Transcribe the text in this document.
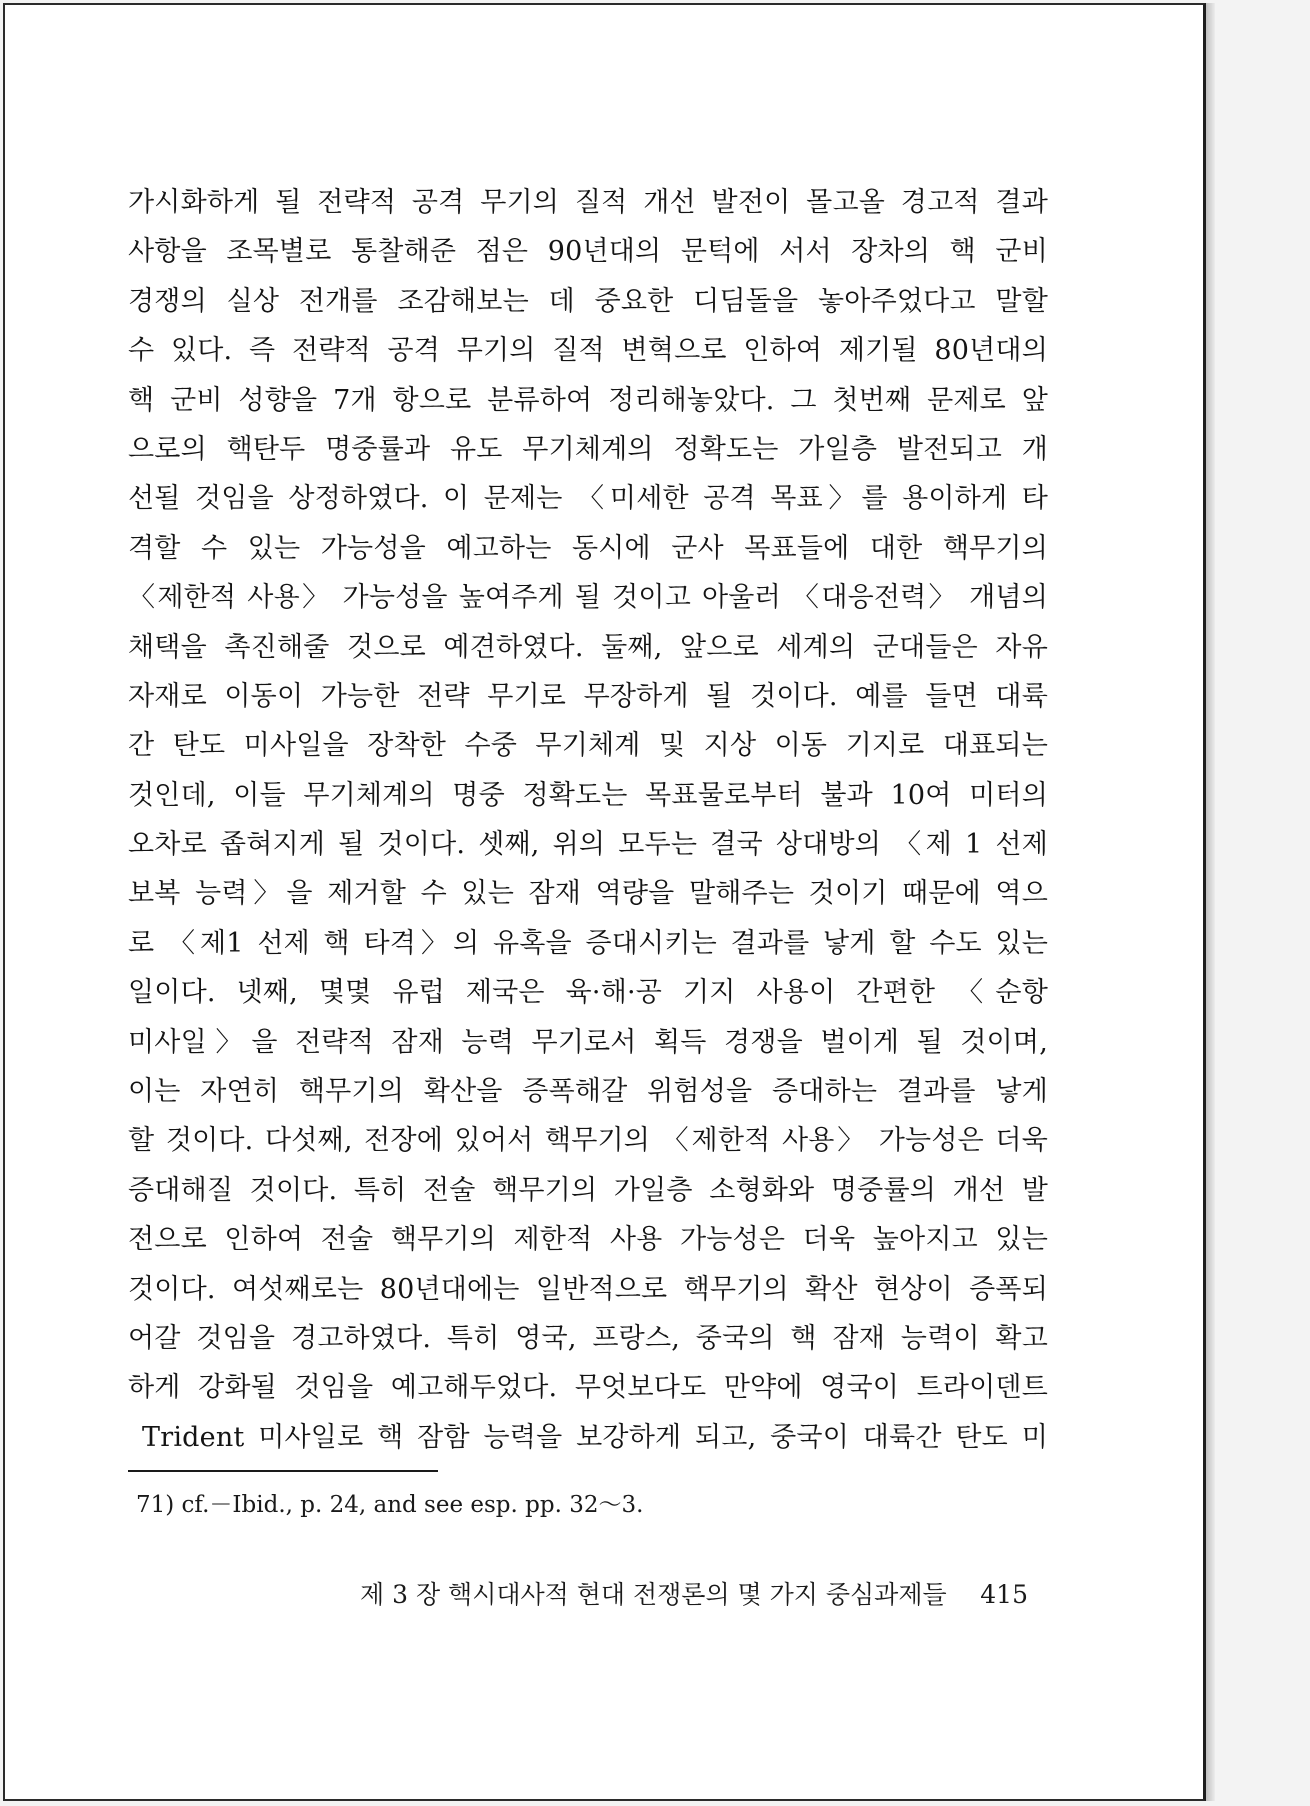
가시화하게 될 전략적 공격 무기의 질적 개선 발전이 몰고올 경고적 결과
사항을 조목별로 통찰해준 점은 90년대의 문턱에 서서 장차의 핵 군비
경쟁의 실상 전개를 조감해보는 데 중요한 디딤돌을 놓아주었다고 말할
수 있다. 즉 전략적 공격 무기의 질적 변혁으로 인하여 제기될 80년대의
핵 군비 성향을 7개 항으로 분류하여 정리해놓았다. 그 첫번째 문제로 앞
으로의 핵탄두 명중률과 유도 무기체계의 정확도는 가일층 발전되고 개
선될 것임을 상정하였다. 이 문제는 〈미세한 공격 목표〉를 용이하게 타
격할 수 있는 가능성을 예고하는 동시에 군사 목표들에 대한 핵무기의
〈제한적 사용〉 가능성을 높여주게 될 것이고 아울러 〈대응전력〉 개념의
채택을 촉진해줄 것으로 예견하였다. 둘째, 앞으로 세계의 군대들은 자유
자재로 이동이 가능한 전략 무기로 무장하게 될 것이다. 예를 들면 대륙
간 탄도 미사일을 장착한 수중 무기체계 및 지상 이동 기지로 대표되는
것인데, 이들 무기체계의 명중 정확도는 목표물로부터 불과 10여 미터의
오차로 좁혀지게 될 것이다. 셋째, 위의 모두는 결국 상대방의 〈제 1 선제
보복 능력〉을 제거할 수 있는 잠재 역량을 말해주는 것이기 때문에 역으
로 〈제1 선제 핵 타격〉의 유혹을 증대시키는 결과를 낳게 할 수도 있는
일이다. 넷째, 몇몇 유럽 제국은 육·해·공 기지 사용이 간편한 〈순항
미사일〉을 전략적 잠재 능력 무기로서 획득 경쟁을 벌이게 될 것이며,
이는 자연히 핵무기의 확산을 증폭해갈 위험성을 증대하는 결과를 낳게
할 것이다. 다섯째, 전장에 있어서 핵무기의 〈제한적 사용〉 가능성은 더욱
증대해질 것이다. 특히 전술 핵무기의 가일층 소형화와 명중률의 개선 발
전으로 인하여 전술 핵무기의 제한적 사용 가능성은 더욱 높아지고 있는
것이다. 여섯째로는 80년대에는 일반적으로 핵무기의 확산 현상이 증폭되
어갈 것임을 경고하였다. 특히 영국, 프랑스, 중국의 핵 잠재 능력이 확고
하게 강화될 것임을 예고해두었다. 무엇보다도 만약에 영국이 트라이덴트
Trident 미사일로 핵 잠함 능력을 보강하게 되고, 중국이 대륙간 탄도 미
71) cf.－Ibid., p. 24, and see esp. pp. 32～3.
제 3 장 핵시대사적 현대 전쟁론의 몇 가지 중심과제들 415
